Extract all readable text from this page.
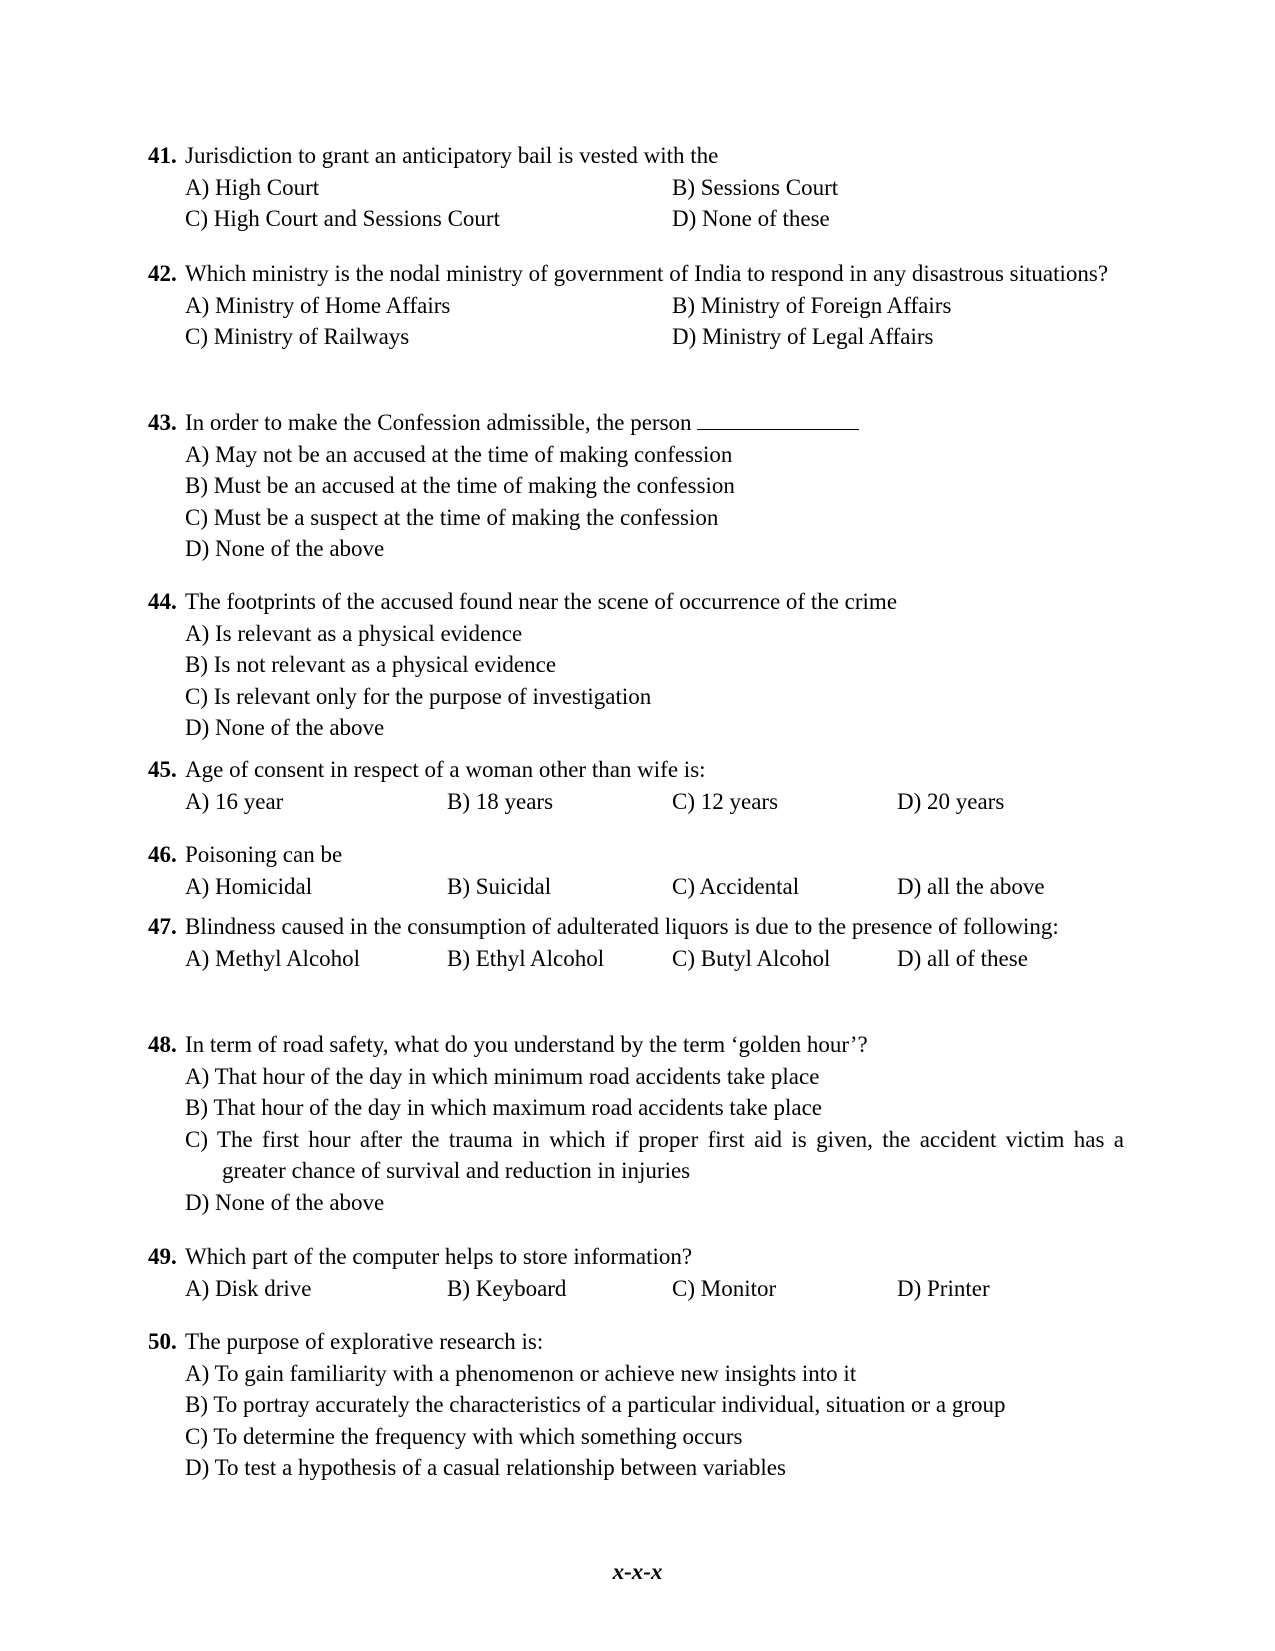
41. Jurisdiction to grant an anticipatory bail is vested with the
A) High Court	B) Sessions Court
C) High Court and Sessions Court	D) None of these
42. Which ministry is the nodal ministry of government of India to respond in any disastrous situations?
A) Ministry of Home Affairs	B) Ministry of Foreign Affairs
C) Ministry of Railways	D) Ministry of Legal Affairs
43. In order to make the Confession admissible, the person
A) May not be an accused at the time of making confession
B) Must be an accused at the time of making the confession
C) Must be a suspect at the time of making the confession
D) None of the above
44. The footprints of the accused found near the scene of occurrence of the crime
A) Is relevant as a physical evidence
B) Is not relevant as a physical evidence
C) Is relevant only for the purpose of investigation
D) None of the above
45. Age of consent in respect of a woman other than wife is:
A) 16 year	B) 18 years	C) 12 years	D) 20 years
46. Poisoning can be
A) Homicidal	B) Suicidal	C) Accidental	D) all the above
47. Blindness caused in the consumption of adulterated liquors is due to the presence of following:
A) Methyl Alcohol	B) Ethyl Alcohol	C) Butyl Alcohol	D) all of these
48. In term of road safety, what do you understand by the term ‘golden hour’?
A) That hour of the day in which minimum road accidents take place
B) That hour of the day in which maximum road accidents take place
C) The first hour after the trauma in which if proper first aid is given, the accident victim has a greater chance of survival and reduction in injuries
D) None of the above
49. Which part of the computer helps to store information?
A) Disk drive	B) Keyboard	C) Monitor	D) Printer
50. The purpose of explorative research is:
A) To gain familiarity with a phenomenon or achieve new insights into it
B) To portray accurately the characteristics of a particular individual, situation or a group
C) To determine the frequency with which something occurs
D) To test a hypothesis of a casual relationship between variables
x-x-x
